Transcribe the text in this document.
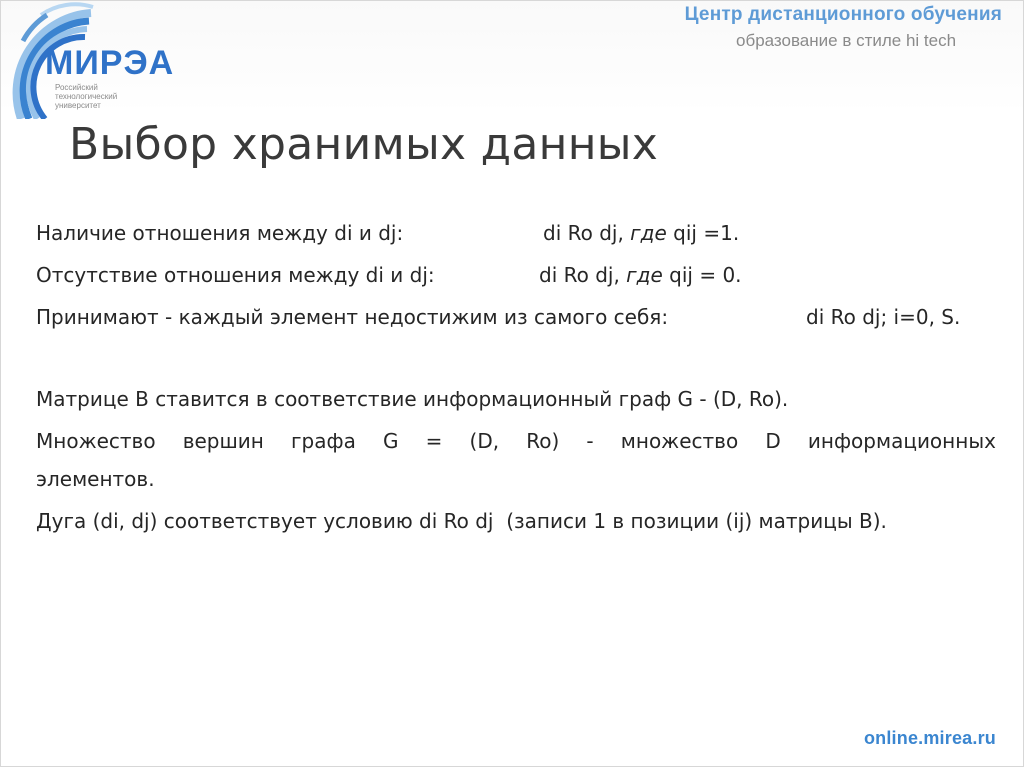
МИРЭА
Российский
технологический
университет
Центр дистанционного обучения
образование в стиле hi tech
Выбор хранимых данных
Наличие отношения между di и dj:	di Ro dj, где qij =1.
Отсутствие отношения между di и dj:	di Ro dj, где qij = 0.
Принимают - каждый элемент недостижим из самого себя:	di Ro dj; i=0, S.
Матрице B ставится в соответствие информационный граф G - (D, Ro).
Множество вершин графа G = (D, Ro) - множество D информационных
элементов.
Дуга (di, dj) соответствует условию di Ro dj  (записи 1 в позиции (ij) матрицы B).
online.mirea.ru
